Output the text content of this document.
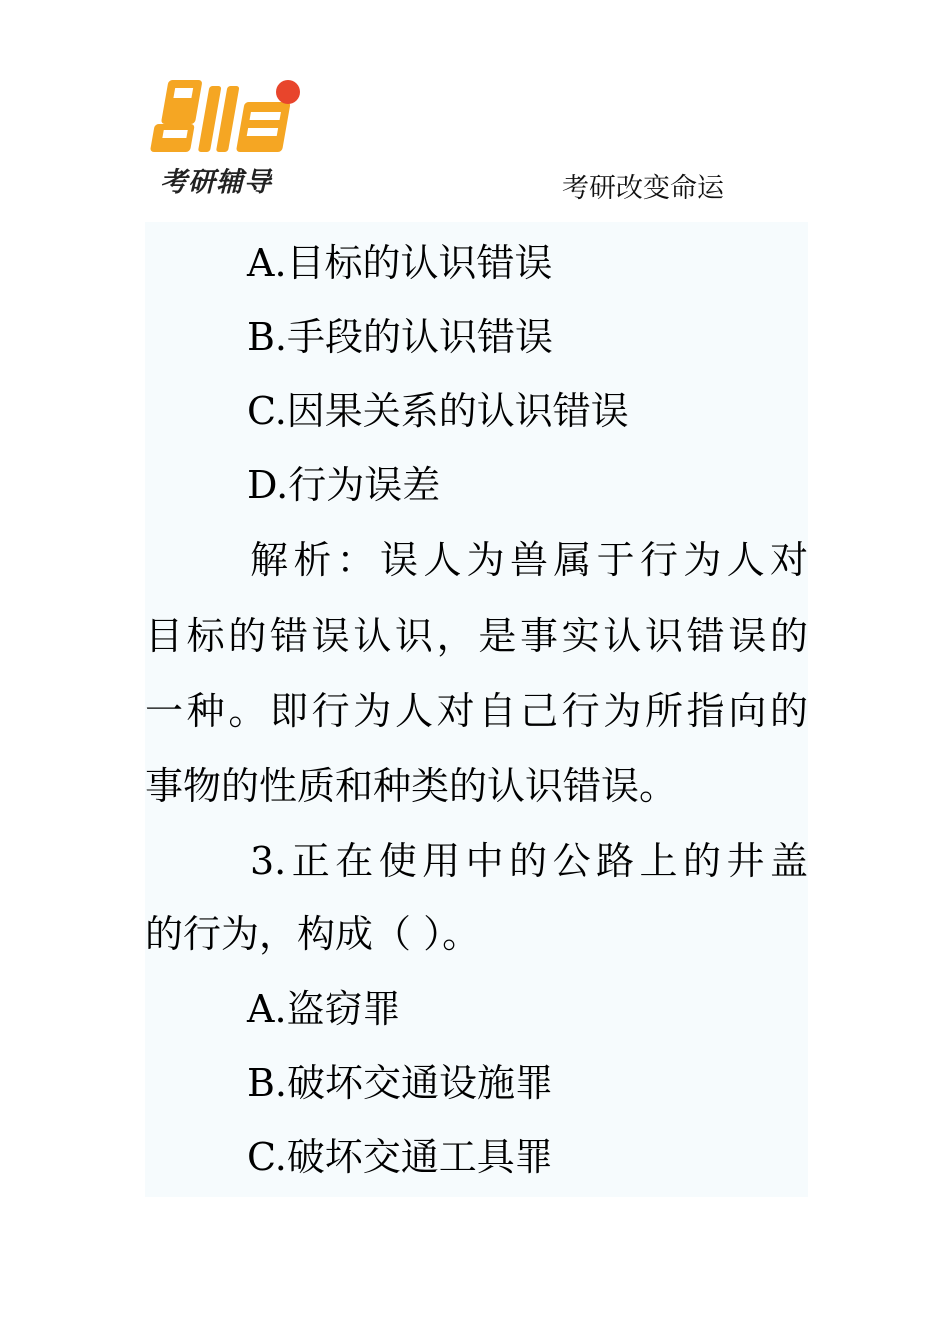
考研辅导	考研改变命运
A.目标的认识错误
B.手段的认识错误
C.因果关系的认识错误
D.行为误差
解析：误人为兽属于行为人对
目标的错误认识，是事实认识错误的
一种。即行为人对自己行为所指向的
事物的性质和种类的认识错误。
3.正在使用中的公路上的井盖
的行为，构成（ ）。
A.盗窃罪
B.破坏交通设施罪
C.破坏交通工具罪
